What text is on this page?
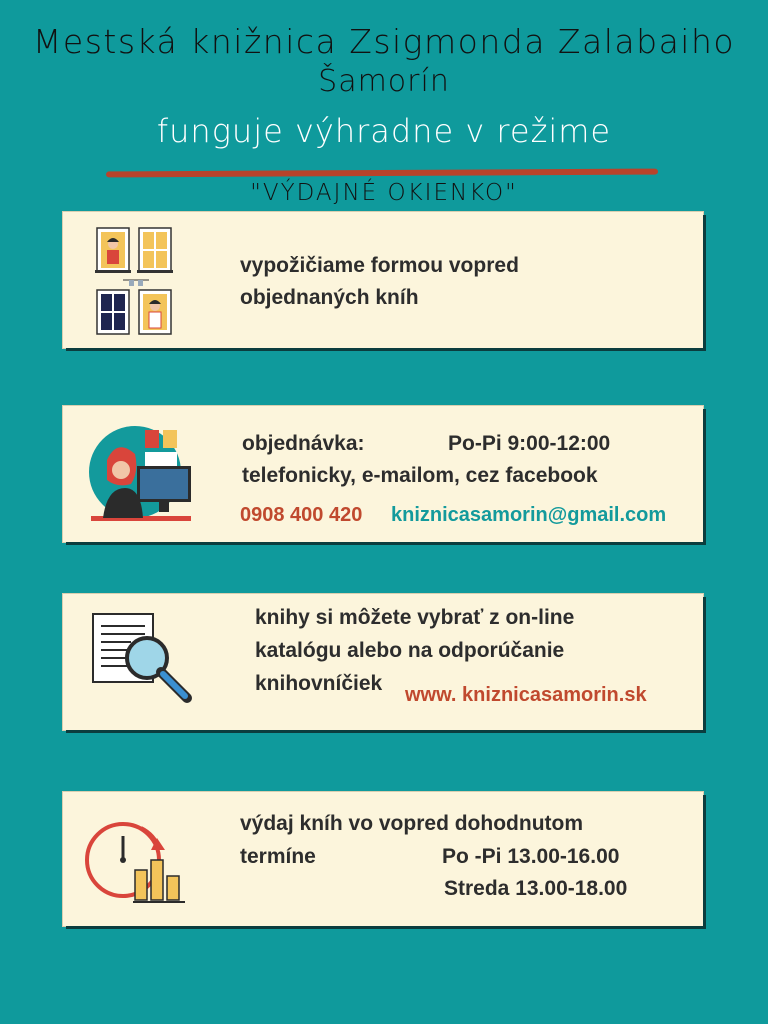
Mestská knižnica Zsigmonda Zalabaiho
Šamorín
funguje výhradne v režime
"VÝDAJNÉ OKIENKO"
vypožičiame formou vopred
objednaných kníh
objednávka:	Po-Pi 9:00-12:00
telefonicky, e-mailom, cez facebook
0908 400 420 kniznicasamorin@gmail.com
knihy si môžete vybrať z on-line
katalógu alebo na odporúčanie
knihovníčiek www. kniznicasamorin.sk
výdaj kníh vo vopred dohodnutom
termíne	Po -Pi 13.00-16.00
Streda 13.00-18.00
